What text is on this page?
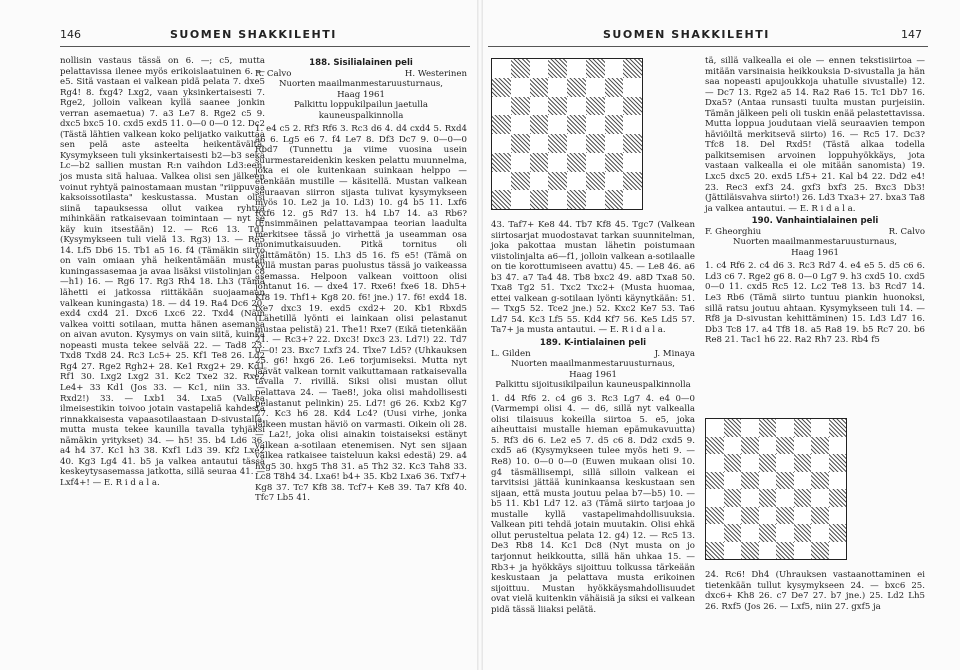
146	SUOMEN SHAKKILEHTI

nollisin vastaus tässä on 6. —; c5, mutta pelattavissa ilenee myös erikoislaatuinen 6. — e5. Sitä vastaan ei valkean pidä pelata 7. dxe5 Rg4! 8. fxg4? Lxg2, vaan yksinkertaisesti 7. Rge2, jolloin valkean kyllä saanee jonkin verran asemaetua) 7. a3 Le7 8. Rge2 c5 9. dxc5 bxc5 10. cxd5 exd5 11. 0—0 0—0 12. Dc2 (Tästä lähtien valkean koko pelijatko vaikuttaa sen pelä aste asteelta heikentävältä. Kysymykseen tuli yksinkertaisesti b2—b3 sekä Lc—b2 sallien mustan R:n vaihdon Ld3:een, jos musta sitä haluaa. Valkea olisi sen jälkeen voinut ryhtyä painostamaan mustan "riippuvaa kaksoissotilasta" keskustassa. Mustan olisi siinä tapauksessa ollut vaikea ryhtyä mihinkään ratkaisevaan toimintaan — nyt se käy kuin itsestään) 12. — Rc6 13. Td1 (Kysymykseen tuli vielä 13. Rg3) 13. — Re5 14. Lf5 Db6 15. Tb1 a5 16. f4 (Tämäkin siirto on vain omiaan yhä heikentämään mustan kuningassasemaa ja avaa lisäksi viistolinjan c8—h1) 16. — Rg6 17. Rg3 Rh4 18. Lh3 (Tämä lähetti ei jatkossa riittäkään suojaamaan valkean kuningasta) 18. — d4 19. Ra4 Dc6 20. exd4 cxd4 21. Dxc6 Lxc6 22. Txd4 (Näin valkea voitti sotilaan, mutta hänen asemansa on aivan avuton. Kysymys on vain siitä, kuinka nopeasti musta tekee selvää 22. — Tad8 23. Txd8 Txd8 24. Rc3 Lc5+ 25. Kf1 Te8 26. Ld2 Rg4 27. Rge2 Rgh2+ 28. Ke1 Rxg2+ 29. Kd1 Rf1 30. Lxg2 Lxg2 31. Kc2 Txe2 32. Rxe2 Le4+ 33 Kd1 (Jos 33. — Kc1, niin 33. — Rxd2!) 33. — Lxb1 34. Lxa5 (Valkea ilmeisestikin toivoo jotain vastapeliä kahdesta rinnakkaisesta vapaasotilaastaan D-sivustalla, mutta musta tekee kaunilla tavalla tyhjäksi nämäkin yritykset) 34. — h5! 35. b4 Ld6 36. a4 h4 37. Kc1 h3 38. Kxf1 Ld3 39. Kf2 Lxe2 40. Kg3 Lg4 41. b5 ja valkea antautui tässä keskeytysasemassa jatkotta, sillä seuraa 41. — Lxf4+! — E. R i d a l a.

188. Sisilialainen peli
R. Calvo	H. Westerinen
Nuorten maailmanmestaruusturnaus,
Haag 1961
Palkittu loppukilpailun jaetulla kauneuspalkinnolla

1. e4 c5 2. Rf3 Rf6 3. Rc3 d6 4. d4 cxd4 5. Rxd4 a6 6. Lg5 e6 7. f4 Le7 8. Df3 Dc7 9. 0—0—0 Rbd7 (Tunnettu ja viime vuosina usein suurmestareidenkin kesken pelattu muunnelma, joka ei ole kuitenkaan suinkaan helppo — etenkään mustille — käsitellä. Mustan valkean seuraavan siirron sijasta tulivat kysymykseen myös 10. Le2 ja 10. Ld3) 10. g4 b5 11. Lxf6 Rxf6 12. g5 Rd7 13. h4 Lb7 14. a3 Rb6? (Ensimmäinen pelattavampaa teorian laadulta merkitsee tässä jo virhettä ja useamman osa monimutkaisuuden. Pitkä tornitus oli välttämätön) 15. Lh3 d5 16. f5 e5! (Tämä on kyllä mustan paras puolustus tässä jo vaikeassa asemassa. Helpoon valkean voittoon olisi johtanut 16. — dxe4 17. Rxe6! fxe6 18. Dh5+ Kf8 19. Thf1+ Kg8 20. f6! jne.) 17. f6! exd4 18. fxe7 dxc3 19. exd5 cxd2+ 20. Kb1 Rbxd5 (Lähetillä lyönti ei lainkaan olisi pelastanut mustaa pelistä) 21. The1! Rxe7 (Eikä tietenkään 21. — Rc3+? 22. Dxc3! Dxc3 23. Ld7!) 22. Td7 0—0! 23. Bxc7 Lxf3 24. Tlxe7 Ld5? (Uhkauksen 25. g6! hxg6 26. Le6 torjumiseksi. Mutta nyt jäävät valkean tornit vaikuttamaan ratkaisevalla tavalla 7. rivillä. Siksi olisi mustan ollut pelattava 24. — Tae8!, joka olisi mahdollisesti pelastanut pelinkin) 25. Ld7! g6 26. Kxb2 Kg7 27. Kc3 h6 28. Kd4 Lc4? (Uusi virhe, jonka jälkeen mustan häviö on varmasti. Oikein oli 28. — La2!, joka olisi ainakin toistaiseksi estänyt valkean a-sotilaan etenemisen. Nyt sen sijaan valkea ratkaisee taisteluun kaksi edestä) 29. a4 hxg5 30. hxg5 Th8 31. a5 Th2 32. Kc3 Tah8 33. Lc8 T8h4 34. Lxa6! b4+ 35. Kb2 Lxa6 36. Txf7+ Kg8 37. Tc7 Kf8 38. Tcf7+ Ke8 39. Ta7 Kf8 40. Tfc7 Lb5 41.

SUOMEN SHAKKILEHTI	147

43. Taf7+ Ke8 44. Tb7 Kf8 45. Tgc7 (Valkean siirtosarjat muodostavat tarkan suunnitelman, joka pakottaa mustan lähetin poistumaan viistolinjalta a6—f1, jolloin valkean a-sotilaalle on tie korottumiseen avattu) 45. — Le8 46. a6 b3 47. a7 Ta4 48. Tb8 bxc2 49. a8D Txa8 50. Txa8 Tg2 51. Txc2 Txc2+ (Musta huomaa, ettei valkean g-sotilaan lyönti käynytkään: 51. — Txg5 52. Tce2 jne.) 52. Kxc2 Ke7 53. Ta6 Ld7 54. Kc3 Lf5 55. Kd4 Kf7 56. Ke5 Ld5 57. Ta7+ ja musta antautui. — E. R i d a l a.

189. K-intialainen peli
L. Gilden	J. Minaya
Nuorten maailmanmestaruusturnaus,
Haag 1961
Palkittu sijoitusikilpailun kauneuspalkinnolla

1. d4 Rf6 2. c4 g6 3. Rc3 Lg7 4. e4 0—0 (Varmempi olisi 4. — d6, sillä nyt valkealla olisi tilaisuus kokeilla siirtoa 5. e5, joka aiheuttaisi mustalle hieman epämukavuutta) 5. Rf3 d6 6. Le2 e5 7. d5 c6 8. Dd2 cxd5 9. cxd5 a6 (Kysymykseen tulee myös heti 9. — Re8) 10. 0—0 0—0 (Euwen mukaan olisi 10. g4 täsmällisempi, sillä silloin valkean ei tarvitsisi jättää kuninkaansa keskustaan sen sijaan, että musta joutuu pelaa b7—b5) 10. — b5 11. Kb1 Ld7 12. a3 (Tämä siirto tarjoaa jo mustalle kyllä vastapelimahdollisuuksia. Valkean piti tehdä jotain muutakin. Olisi ehkä ollut perusteltua pelata 12. g4) 12. — Rc5 13. De3 Rb8 14. Kc1 Dc8 (Nyt musta on jo tarjonnut heikkoutta, sillä hän uhkaa 15. — Rb3+ ja hyökkäys sijoittuu tolkussa tärkeään keskustaan ja pelattava musta erikoinen sijoittuu. Mustan hyökkäysmahdollisuudet ovat vielä kuitenkin vähäisiä ja siksi ei valkean pidä tässä liiaksi pelätä.

tä, sillä valkealla ei ole — ennen tekstisiirtoa — mitään varsinaisia heikkouksia D-sivustalla ja hän saa nopeasti apujoukkoja uhatulle sivustalle) 12. — Dc7 13. Rge2 a5 14. Ra2 Ra6 15. Tc1 Db7 16. Dxa5? (Antaa runsasti tuulta mustan purjeisiin. Tämän jälkeen peli oli tuskin enää pelastettavissa. Mutta loppua joudutaan vielä seuraavien tempon häviöiltä merkitsevä siirto) 16. — Rc5 17. Dc3? Tfc8 18. Del Rxd5! (Tästä alkaa todella palkitsemisen arvoinen loppuhyökkäys, jota vastaan valkealla ei ole mitään sanomista) 19. Lxc5 dxc5 20. exd5 Lf5+ 21. Kal b4 22. Dd2 e4! 23. Rec3 exf3 24. gxf3 bxf3 25. Bxc3 Db3! (Jättiläisvahva siirto!) 26. Ld3 Txa3+ 27. bxa3 Ta8 ja valkea antautui. — E. R i d a l a.

190. Vanhaintialainen peli
F. Gheorghiu	R. Calvo
Nuorten maailmanmestaruusturnaus,
Haag 1961

1. c4 Rf6 2. c4 d6 3. Rc3 Rd7 4. e4 e5 5. d5 c6 6. Ld3 c6 7. Rge2 g6 8. 0—0 Lg7 9. h3 cxd5 10. cxd5 0—0 11. cxd5 Rc5 12. Lc2 Te8 13. b3 Rcd7 14. Le3 Rb6 (Tämä siirto tuntuu piankin huonoksi, sillä ratsu joutuu ahtaan. Kysymykseen tuli 14. — Rf8 ja D-sivustan kehittäminen) 15. Ld3 Ld7 16. Db3 Tc8 17. a4 Tf8 18. a5 Ra8 19. b5 Rc7 20. b6 Re8 21. Tac1 h6 22. Ra2 Rh7 23. Rb4 f5

24. Rc6! Dh4 (Uhrauksen vastaanottaminen ei tietenkään tullut kysymykseen 24. — bxc6 25. dxc6+ Kh8 26. c7 De7 27. b7 jne.) 25. Ld2 Lh5 26. Rxf5 (Jos 26. — Lxf5, niin 27. gxf5 ja
